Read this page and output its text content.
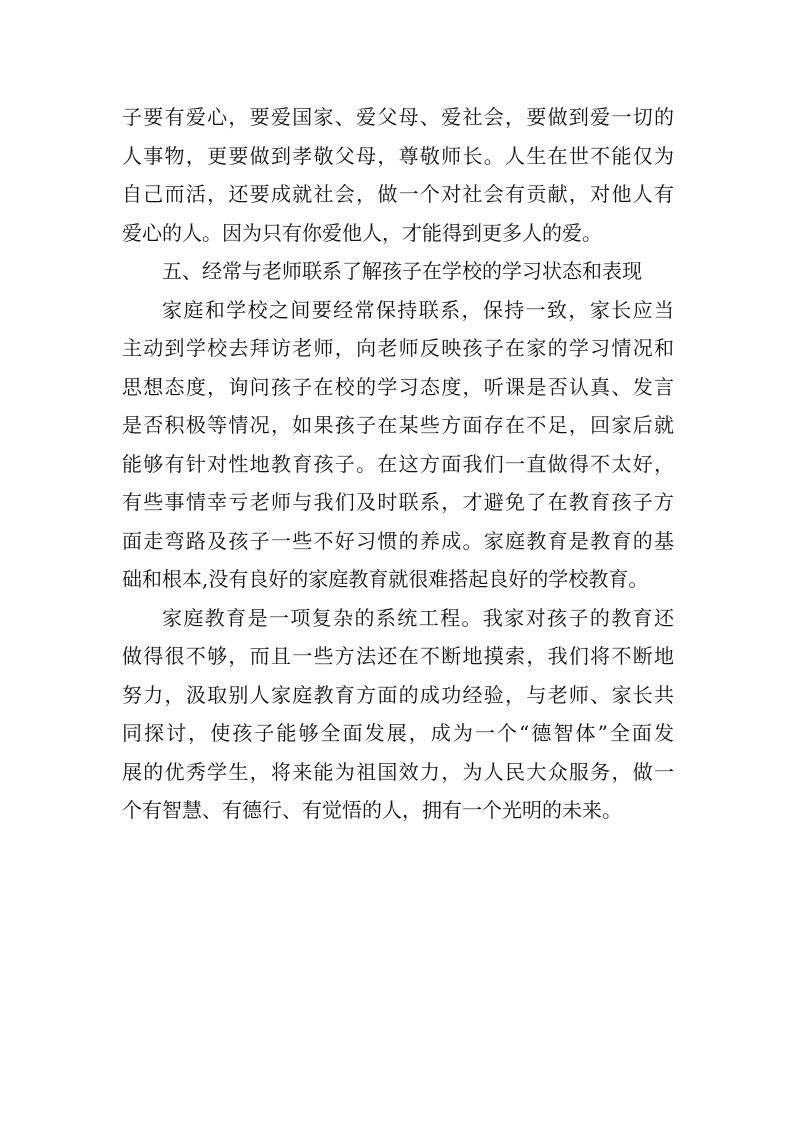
子要有爱心，要爱国家、爱父母、爱社会，要做到爱一切的
人事物，更要做到孝敬父母，尊敬师长。人生在世不能仅为
自己而活，还要成就社会，做一个对社会有贡献，对他人有
爱心的人。因为只有你爱他人，才能得到更多人的爱。
五、经常与老师联系了解孩子在学校的学习状态和表现
家庭和学校之间要经常保持联系，保持一致，家长应当
主动到学校去拜访老师，向老师反映孩子在家的学习情况和
思想态度，询问孩子在校的学习态度，听课是否认真、发言
是否积极等情况，如果孩子在某些方面存在不足，回家后就
能够有针对性地教育孩子。在这方面我们一直做得不太好，
有些事情幸亏老师与我们及时联系，才避免了在教育孩子方
面走弯路及孩子一些不好习惯的养成。家庭教育是教育的基
础和根本,没有良好的家庭教育就很难搭起良好的学校教育。
家庭教育是一项复杂的系统工程。我家对孩子的教育还
做得很不够，而且一些方法还在不断地摸索，我们将不断地
努力，汲取别人家庭教育方面的成功经验，与老师、家长共
同探讨，使孩子能够全面发展，成为一个“德智体”全面发
展的优秀学生，将来能为祖国效力，为人民大众服务，做一
个有智慧、有德行、有觉悟的人，拥有一个光明的未来。
